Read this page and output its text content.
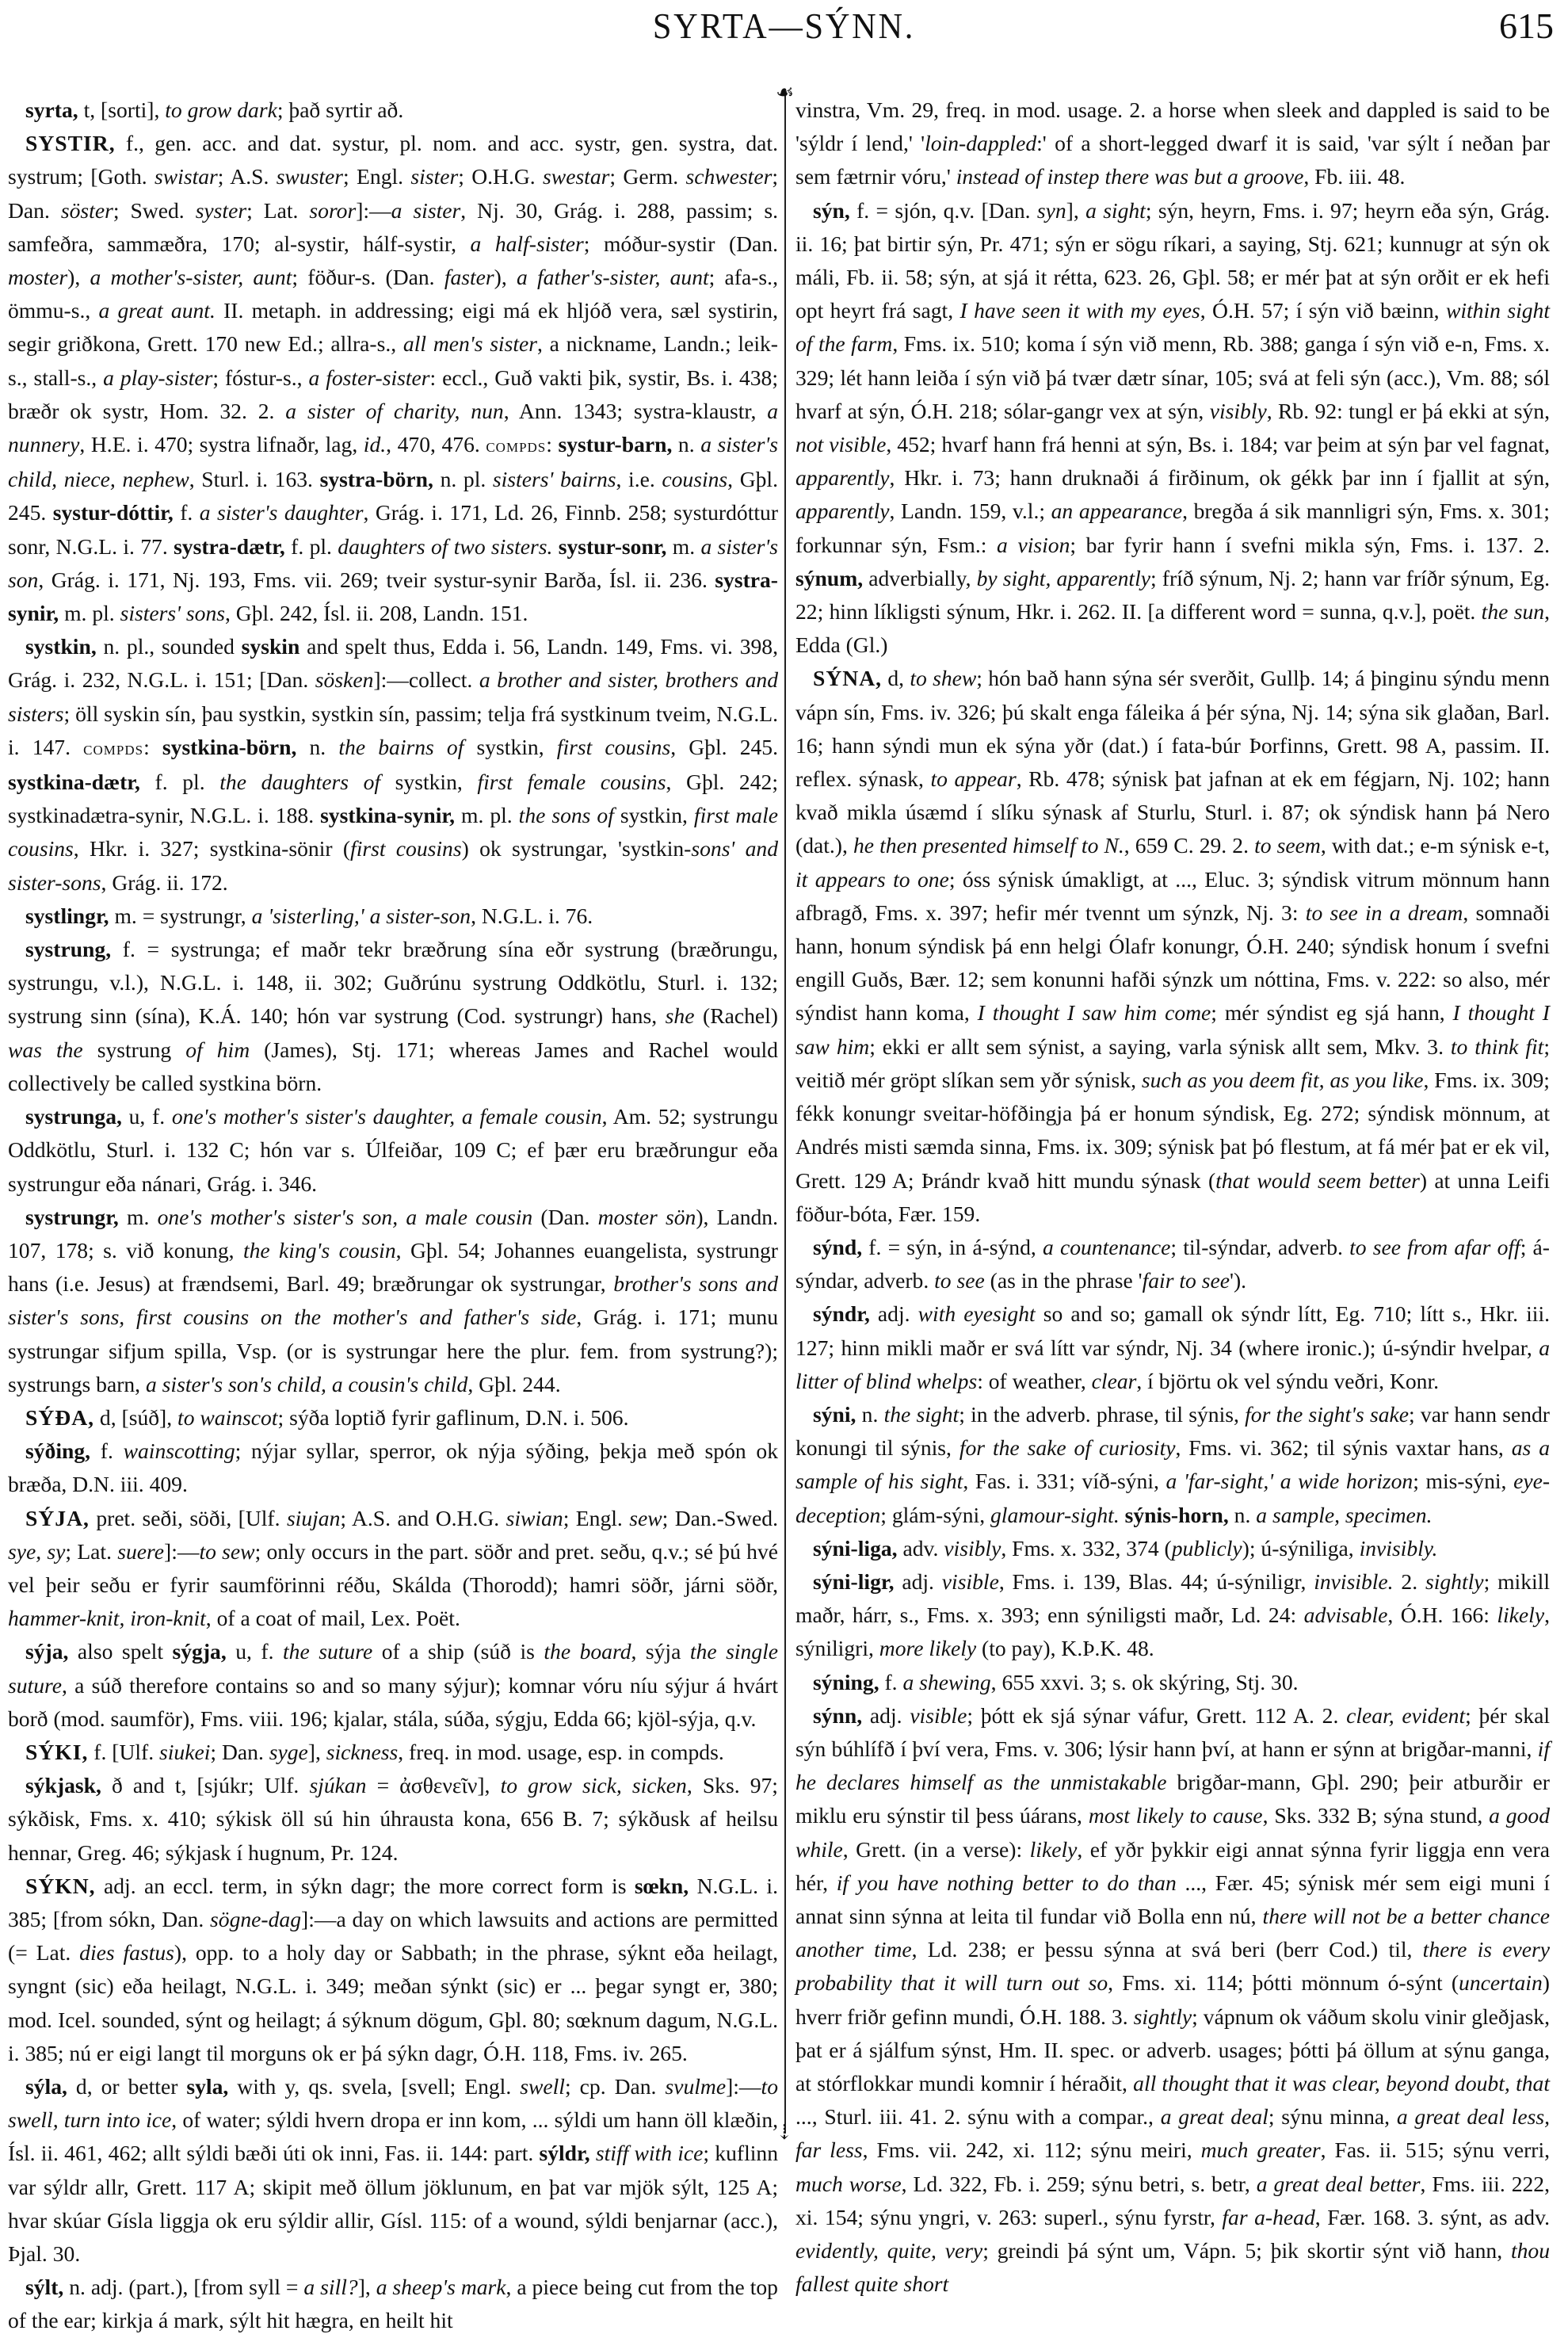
SYRTA—SÝNN.	615

syrta, t, [sorti], to grow dark; það syrtir að.

SYSTIR, f., gen. acc. and dat. systur, pl. nom. and acc. systr, gen. systra, dat. systrum; [Goth. swistar; A.S. swuster; Engl. sister; O.H.G. swestar; Germ. schwester; Dan. söster; Swed. syster; Lat. soror]:—a sister, Nj. 30, Grág. i. 288, passim; s. samfeðra, sammæðra, 170; al-systir, hálf-systir, a half-sister; móður-systir (Dan. moster), a mother's-sister, aunt; föður-s. (Dan. faster), a father's-sister, aunt; afa-s., ömmu-s., a great aunt. II. metaph. in addressing; eigi má ek hljóð vera, sæl systirin, segir griðkona, Grett. 170 new Ed.; allra-s., all men's sister, a nickname, Landn.; leik-s., stall-s., a play-sister; fóstur-s., a foster-sister: eccl., Guð vakti þik, systir, Bs. i. 438; bræðr ok systr, Hom. 32. 2. a sister of charity, nun, Ann. 1343; systra-klaustr, a nunnery, H.E. i. 470; systra lifnaðr, lag, id., 470, 476. compds: systur-barn, n. a sister's child, niece, nephew, Sturl. i. 163. systra-börn, n. pl. sisters' bairns, i.e. cousins, Gþl. 245. systur-dóttir, f. a sister's daughter, Grág. i. 171, Ld. 26, Finnb. 258; systurdóttur sonr, N.G.L. i. 77. systra-dætr, f. pl. daughters of two sisters. systur-sonr, m. a sister's son, Grág. i. 171, Nj. 193, Fms. vii. 269; tveir systur-synir Barða, Ísl. ii. 236. systra-synir, m. pl. sisters' sons, Gþl. 242, Ísl. ii. 208, Landn. 151.

systkin, n. pl., sounded syskin and spelt thus, Edda i. 56, Landn. 149, Fms. vi. 398, Grág. i. 232, N.G.L. i. 151; [Dan. sösken]:—collect. a brother and sister, brothers and sisters; öll syskin sín, þau systkin, systkin sín, passim; telja frá systkinum tveim, N.G.L. i. 147. compds: systkina-börn, n. the bairns of systkin, first cousins, Gþl. 245. systkina-dætr, f. pl. the daughters of systkin, first female cousins, Gþl. 242; systkinadætra-synir, N.G.L. i. 188. systkina-synir, m. pl. the sons of systkin, first male cousins, Hkr. i. 327; systkina-sönir (first cousins) ok systrungar, 'systkin-sons' and sister-sons, Grág. ii. 172.

systlingr, m. = systrungr, a 'sisterling,' a sister-son, N.G.L. i. 76.

systrung, f. = systrunga; ef maðr tekr bræðrung sína eðr systrung (bræðrungu, systrungu, v.l.), N.G.L. i. 148, ii. 302; Guðrúnu systrung Oddkötlu, Sturl. i. 132; systrung sinn (sína), K.Á. 140; hón var systrung (Cod. systrungr) hans, she (Rachel) was the systrung of him (James), Stj. 171; whereas James and Rachel would collectively be called systkina börn.

systrunga, u, f. one's mother's sister's daughter, a female cousin, Am. 52; systrungu Oddkötlu, Sturl. i. 132 C; hón var s. Úlfeiðar, 109 C; ef þær eru bræðrungur eða systrungur eða nánari, Grág. i. 346.

systrungr, m. one's mother's sister's son, a male cousin (Dan. moster sön), Landn. 107, 178; s. við konung, the king's cousin, Gþl. 54; Johannes euangelista, systrungr hans (i.e. Jesus) at frændsemi, Barl. 49; bræðrungar ok systrungar, brother's sons and sister's sons, first cousins on the mother's and father's side, Grág. i. 171; munu systrungar sifjum spilla, Vsp. (or is systrungar here the plur. fem. from systrung?); systrungs barn, a sister's son's child, a cousin's child, Gþl. 244.

SÝÐA, d, [súð], to wainscot; sýða loptið fyrir gaflinum, D.N. i. 506.

sýðing, f. wainscotting; nýjar syllar, sperror, ok nýja sýðing, þekja með spón ok bræða, D.N. iii. 409.

SÝJA, pret. seði, söði, [Ulf. siujan; A.S. and O.H.G. siwian; Engl. sew; Dan.-Swed. sye, sy; Lat. suere]:—to sew; only occurs in the part. söðr and pret. seðu, q.v.; sé þú hvé vel þeir seðu er fyrir saumförinni réðu, Skálda (Thorodd); hamri söðr, járni söðr, hammer-knit, iron-knit, of a coat of mail, Lex. Poët.

sýja, also spelt sýgja, u, f. the suture of a ship (súð is the board, sýja the single suture, a súð therefore contains so and so many sýjur); komnar vóru níu sýjur á hvárt borð (mod. saumför), Fms. viii. 196; kjalar, stála, súða, sýgju, Edda 66; kjöl-sýja, q.v.

SÝKI, f. [Ulf. siukei; Dan. syge], sickness, freq. in mod. usage, esp. in compds.

sýkjask, ð and t, [sjúkr; Ulf. sjúkan = ἀσθενεῖν], to grow sick, sicken, Sks. 97; sýkðisk, Fms. x. 410; sýkisk öll sú hin úhrausta kona, 656 B. 7; sýkðusk af heilsu hennar, Greg. 46; sýkjask í hugnum, Pr. 124.

SÝKN, adj. an eccl. term, in sýkn dagr; the more correct form is sœkn, N.G.L. i. 385; [from sókn, Dan. sögne-dag]:—a day on which lawsuits and actions are permitted (= Lat. dies fastus), opp. to a holy day or Sabbath; in the phrase, sýknt eða heilagt, syngnt (sic) eða heilagt, N.G.L. i. 349; meðan sýnkt (sic) er ... þegar syngt er, 380; mod. Icel. sounded, sýnt og heilagt; á sýknum dögum, Gþl. 80; sœknum dagum, N.G.L. i. 385; nú er eigi langt til morguns ok er þá sýkn dagr, Ó.H. 118, Fms. iv. 265.

sýla, d, or better syla, with y, qs. svela, [svell; Engl. swell; cp. Dan. svulme]:—to swell, turn into ice, of water; sýldi hvern dropa er inn kom, ... sýldi um hann öll klæðin, Ísl. ii. 461, 462; allt sýldi bæði úti ok inni, Fas. ii. 144: part. sýldr, stiff with ice; kuflinn var sýldr allr, Grett. 117 A; skipit með öllum jöklunum, en þat var mjök sýlt, 125 A; hvar skúar Gísla liggja ok eru sýldir allir, Gísl. 115: of a wound, sýldi benjarnar (acc.), Þjal. 30.

sýlt, n. adj. (part.), [from syll = a sill?], a sheep's mark, a piece being cut from the top of the ear; kirkja á mark, sýlt hit hægra, en heilt hit

☙
⇣

vinstra, Vm. 29, freq. in mod. usage. 2. a horse when sleek and dappled is said to be 'sýldr í lend,' 'loin-dappled:' of a short-legged dwarf it is said, 'var sýlt í neðan þar sem fætrnir vóru,' instead of instep there was but a groove, Fb. iii. 48.

sýn, f. = sjón, q.v. [Dan. syn], a sight; sýn, heyrn, Fms. i. 97; heyrn eða sýn, Grág. ii. 16; þat birtir sýn, Pr. 471; sýn er sögu ríkari, a saying, Stj. 621; kunnugr at sýn ok máli, Fb. ii. 58; sýn, at sjá it rétta, 623. 26, Gþl. 58; er mér þat at sýn orðit er ek hefi opt heyrt frá sagt, I have seen it with my eyes, Ó.H. 57; í sýn við bæinn, within sight of the farm, Fms. ix. 510; koma í sýn við menn, Rb. 388; ganga í sýn við e-n, Fms. x. 329; lét hann leiða í sýn við þá tvær dætr sínar, 105; svá at feli sýn (acc.), Vm. 88; sól hvarf at sýn, Ó.H. 218; sólar-gangr vex at sýn, visibly, Rb. 92: tungl er þá ekki at sýn, not visible, 452; hvarf hann frá henni at sýn, Bs. i. 184; var þeim at sýn þar vel fagnat, apparently, Hkr. i. 73; hann druknaði á firðinum, ok gékk þar inn í fjallit at sýn, apparently, Landn. 159, v.l.; an appearance, bregða á sik mannligri sýn, Fms. x. 301; forkunnar sýn, Fsm.: a vision; bar fyrir hann í svefni mikla sýn, Fms. i. 137. 2. sýnum, adverbially, by sight, apparently; fríð sýnum, Nj. 2; hann var fríðr sýnum, Eg. 22; hinn líkligsti sýnum, Hkr. i. 262. II. [a different word = sunna, q.v.], poët. the sun, Edda (Gl.)

SÝNA, d, to shew; hón bað hann sýna sér sverðit, Gullþ. 14; á þinginu sýndu menn vápn sín, Fms. iv. 326; þú skalt enga fáleika á þér sýna, Nj. 14; sýna sik glaðan, Barl. 16; hann sýndi mun ek sýna yðr (dat.) í fata-búr Þorfinns, Grett. 98 A, passim. II. reflex. sýnask, to appear, Rb. 478; sýnisk þat jafnan at ek em fégjarn, Nj. 102; hann kvað mikla úsæmd í slíku sýnask af Sturlu, Sturl. i. 87; ok sýndisk hann þá Nero (dat.), he then presented himself to N., 659 C. 29. 2. to seem, with dat.; e-m sýnisk e-t, it appears to one; óss sýnisk úmakligt, at ..., Eluc. 3; sýndisk vitrum mönnum hann afbragð, Fms. x. 397; hefir mér tvennt um sýnzk, Nj. 3: to see in a dream, somnaði hann, honum sýndisk þá enn helgi Ólafr konungr, Ó.H. 240; sýndisk honum í svefni engill Guðs, Bær. 12; sem konunni hafði sýnzk um nóttina, Fms. v. 222: so also, mér sýndist hann koma, I thought I saw him come; mér sýndist eg sjá hann, I thought I saw him; ekki er allt sem sýnist, a saying, varla sýnisk allt sem, Mkv. 3. to think fit; veitið mér gröpt slíkan sem yðr sýnisk, such as you deem fit, as you like, Fms. ix. 309; fékk konungr sveitar-höfðingja þá er honum sýndisk, Eg. 272; sýndisk mönnum, at Andrés misti sæmda sinna, Fms. ix. 309; sýnisk þat þó flestum, at fá mér þat er ek vil, Grett. 129 A; Þrándr kvað hitt mundu sýnask (that would seem better) at unna Leifi föður-bóta, Fær. 159.

sýnd, f. = sýn, in á-sýnd, a countenance; til-sýndar, adverb. to see from afar off; á-sýndar, adverb. to see (as in the phrase 'fair to see').

sýndr, adj. with eyesight so and so; gamall ok sýndr lítt, Eg. 710; lítt s., Hkr. iii. 127; hinn mikli maðr er svá lítt var sýndr, Nj. 34 (where ironic.); ú-sýndir hvelpar, a litter of blind whelps: of weather, clear, í björtu ok vel sýndu veðri, Konr.

sýni, n. the sight; in the adverb. phrase, til sýnis, for the sight's sake; var hann sendr konungi til sýnis, for the sake of curiosity, Fms. vi. 362; til sýnis vaxtar hans, as a sample of his sight, Fas. i. 331; víð-sýni, a 'far-sight,' a wide horizon; mis-sýni, eye-deception; glám-sýni, glamour-sight. sýnis-horn, n. a sample, specimen.

sýni-liga, adv. visibly, Fms. x. 332, 374 (publicly); ú-sýniliga, invisibly.

sýni-ligr, adj. visible, Fms. i. 139, Blas. 44; ú-sýniligr, invisible. 2. sightly; mikill maðr, hárr, s., Fms. x. 393; enn sýniligsti maðr, Ld. 24: advisable, Ó.H. 166: likely, sýniligri, more likely (to pay), K.Þ.K. 48.

sýning, f. a shewing, 655 xxvi. 3; s. ok skýring, Stj. 30.

sýnn, adj. visible; þótt ek sjá sýnar váfur, Grett. 112 A. 2. clear, evident; þér skal sýn búhlífð í því vera, Fms. v. 306; lýsir hann því, at hann er sýnn at brigðar-manni, if he declares himself as the unmistakable brigðar-mann, Gþl. 290; þeir atburðir er miklu eru sýnstir til þess úárans, most likely to cause, Sks. 332 B; sýna stund, a good while, Grett. (in a verse): likely, ef yðr þykkir eigi annat sýnna fyrir liggja enn vera hér, if you have nothing better to do than ..., Fær. 45; sýnisk mér sem eigi muni í annat sinn sýnna at leita til fundar við Bolla enn nú, there will not be a better chance another time, Ld. 238; er þessu sýnna at svá beri (berr Cod.) til, there is every probability that it will turn out so, Fms. xi. 114; þótti mönnum ó-sýnt (uncertain) hverr friðr gefinn mundi, Ó.H. 188. 3. sightly; vápnum ok váðum skolu vinir gleðjask, þat er á sjálfum sýnst, Hm. II. spec. or adverb. usages; þótti þá öllum at sýnu ganga, at stórflokkar mundi komnir í héraðit, all thought that it was clear, beyond doubt, that ..., Sturl. iii. 41. 2. sýnu with a compar., a great deal; sýnu minna, a great deal less, far less, Fms. vii. 242, xi. 112; sýnu meiri, much greater, Fas. ii. 515; sýnu verri, much worse, Ld. 322, Fb. i. 259; sýnu betri, s. betr, a great deal better, Fms. iii. 222, xi. 154; sýnu yngri, v. 263: superl., sýnu fyrstr, far a-head, Fær. 168. 3. sýnt, as adv. evidently, quite, very; greindi þá sýnt um, Vápn. 5; þik skortir sýnt við hann, thou fallest quite short
